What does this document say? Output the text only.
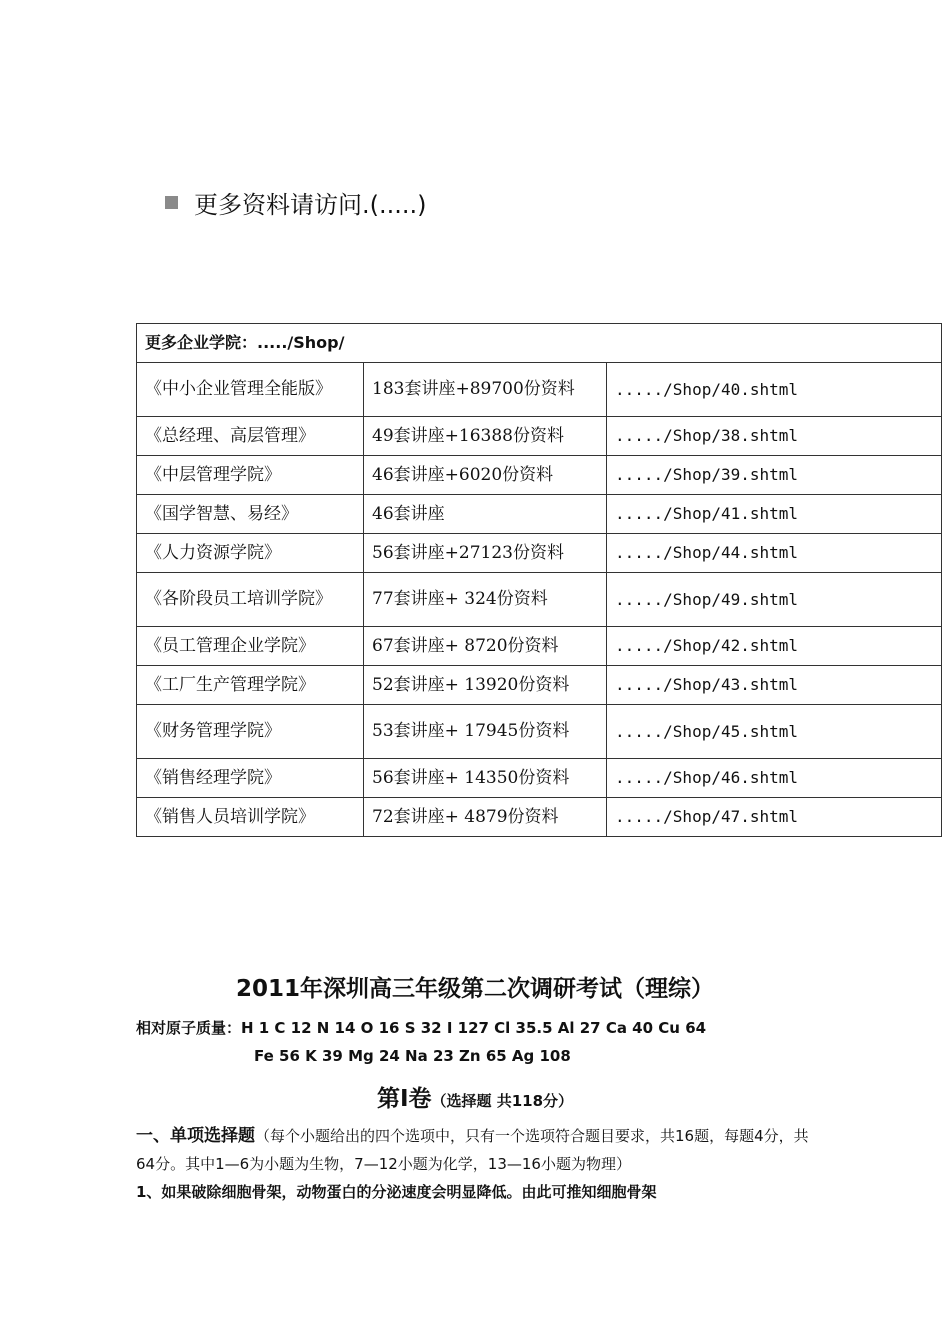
更多资料请访问.(.....)
更多企业学院：...../Shop/		
《中小企业管理全能版》	183套讲座+89700份资料	...../Shop/40.shtml
《总经理、高层管理》	49套讲座+16388份资料	...../Shop/38.shtml
《中层管理学院》	46套讲座+6020份资料	...../Shop/39.shtml
《国学智慧、易经》	46套讲座	...../Shop/41.shtml
《人力资源学院》	56套讲座+27123份资料	...../Shop/44.shtml
《各阶段员工培训学院》	77套讲座+ 324份资料	...../Shop/49.shtml
《员工管理企业学院》	67套讲座+ 8720份资料	...../Shop/42.shtml
《工厂生产管理学院》	52套讲座+ 13920份资料	...../Shop/43.shtml
《财务管理学院》	53套讲座+ 17945份资料	...../Shop/45.shtml
《销售经理学院》	56套讲座+ 14350份资料	...../Shop/46.shtml
《销售人员培训学院》	72套讲座+ 4879份资料	...../Shop/47.shtml
2011年深圳高三年级第二次调研考试（理综）
相对原子质量：H 1 C 12 N 14 O 16 S 32 I 127 Cl 35.5 Al 27 Ca 40 Cu 64
Fe 56 K 39 Mg 24 Na 23 Zn 65 Ag 108
第Ⅰ卷（选择题 共118分）
一、单项选择题（每个小题给出的四个选项中，只有一个选项符合题目要求，共16题，每题4分，共64分。其中1—6为小题为生物，7—12小题为化学，13—16小题为物理）
1、如果破除细胞骨架，动物蛋白的分泌速度会明显降低。由此可推知细胞骨架
